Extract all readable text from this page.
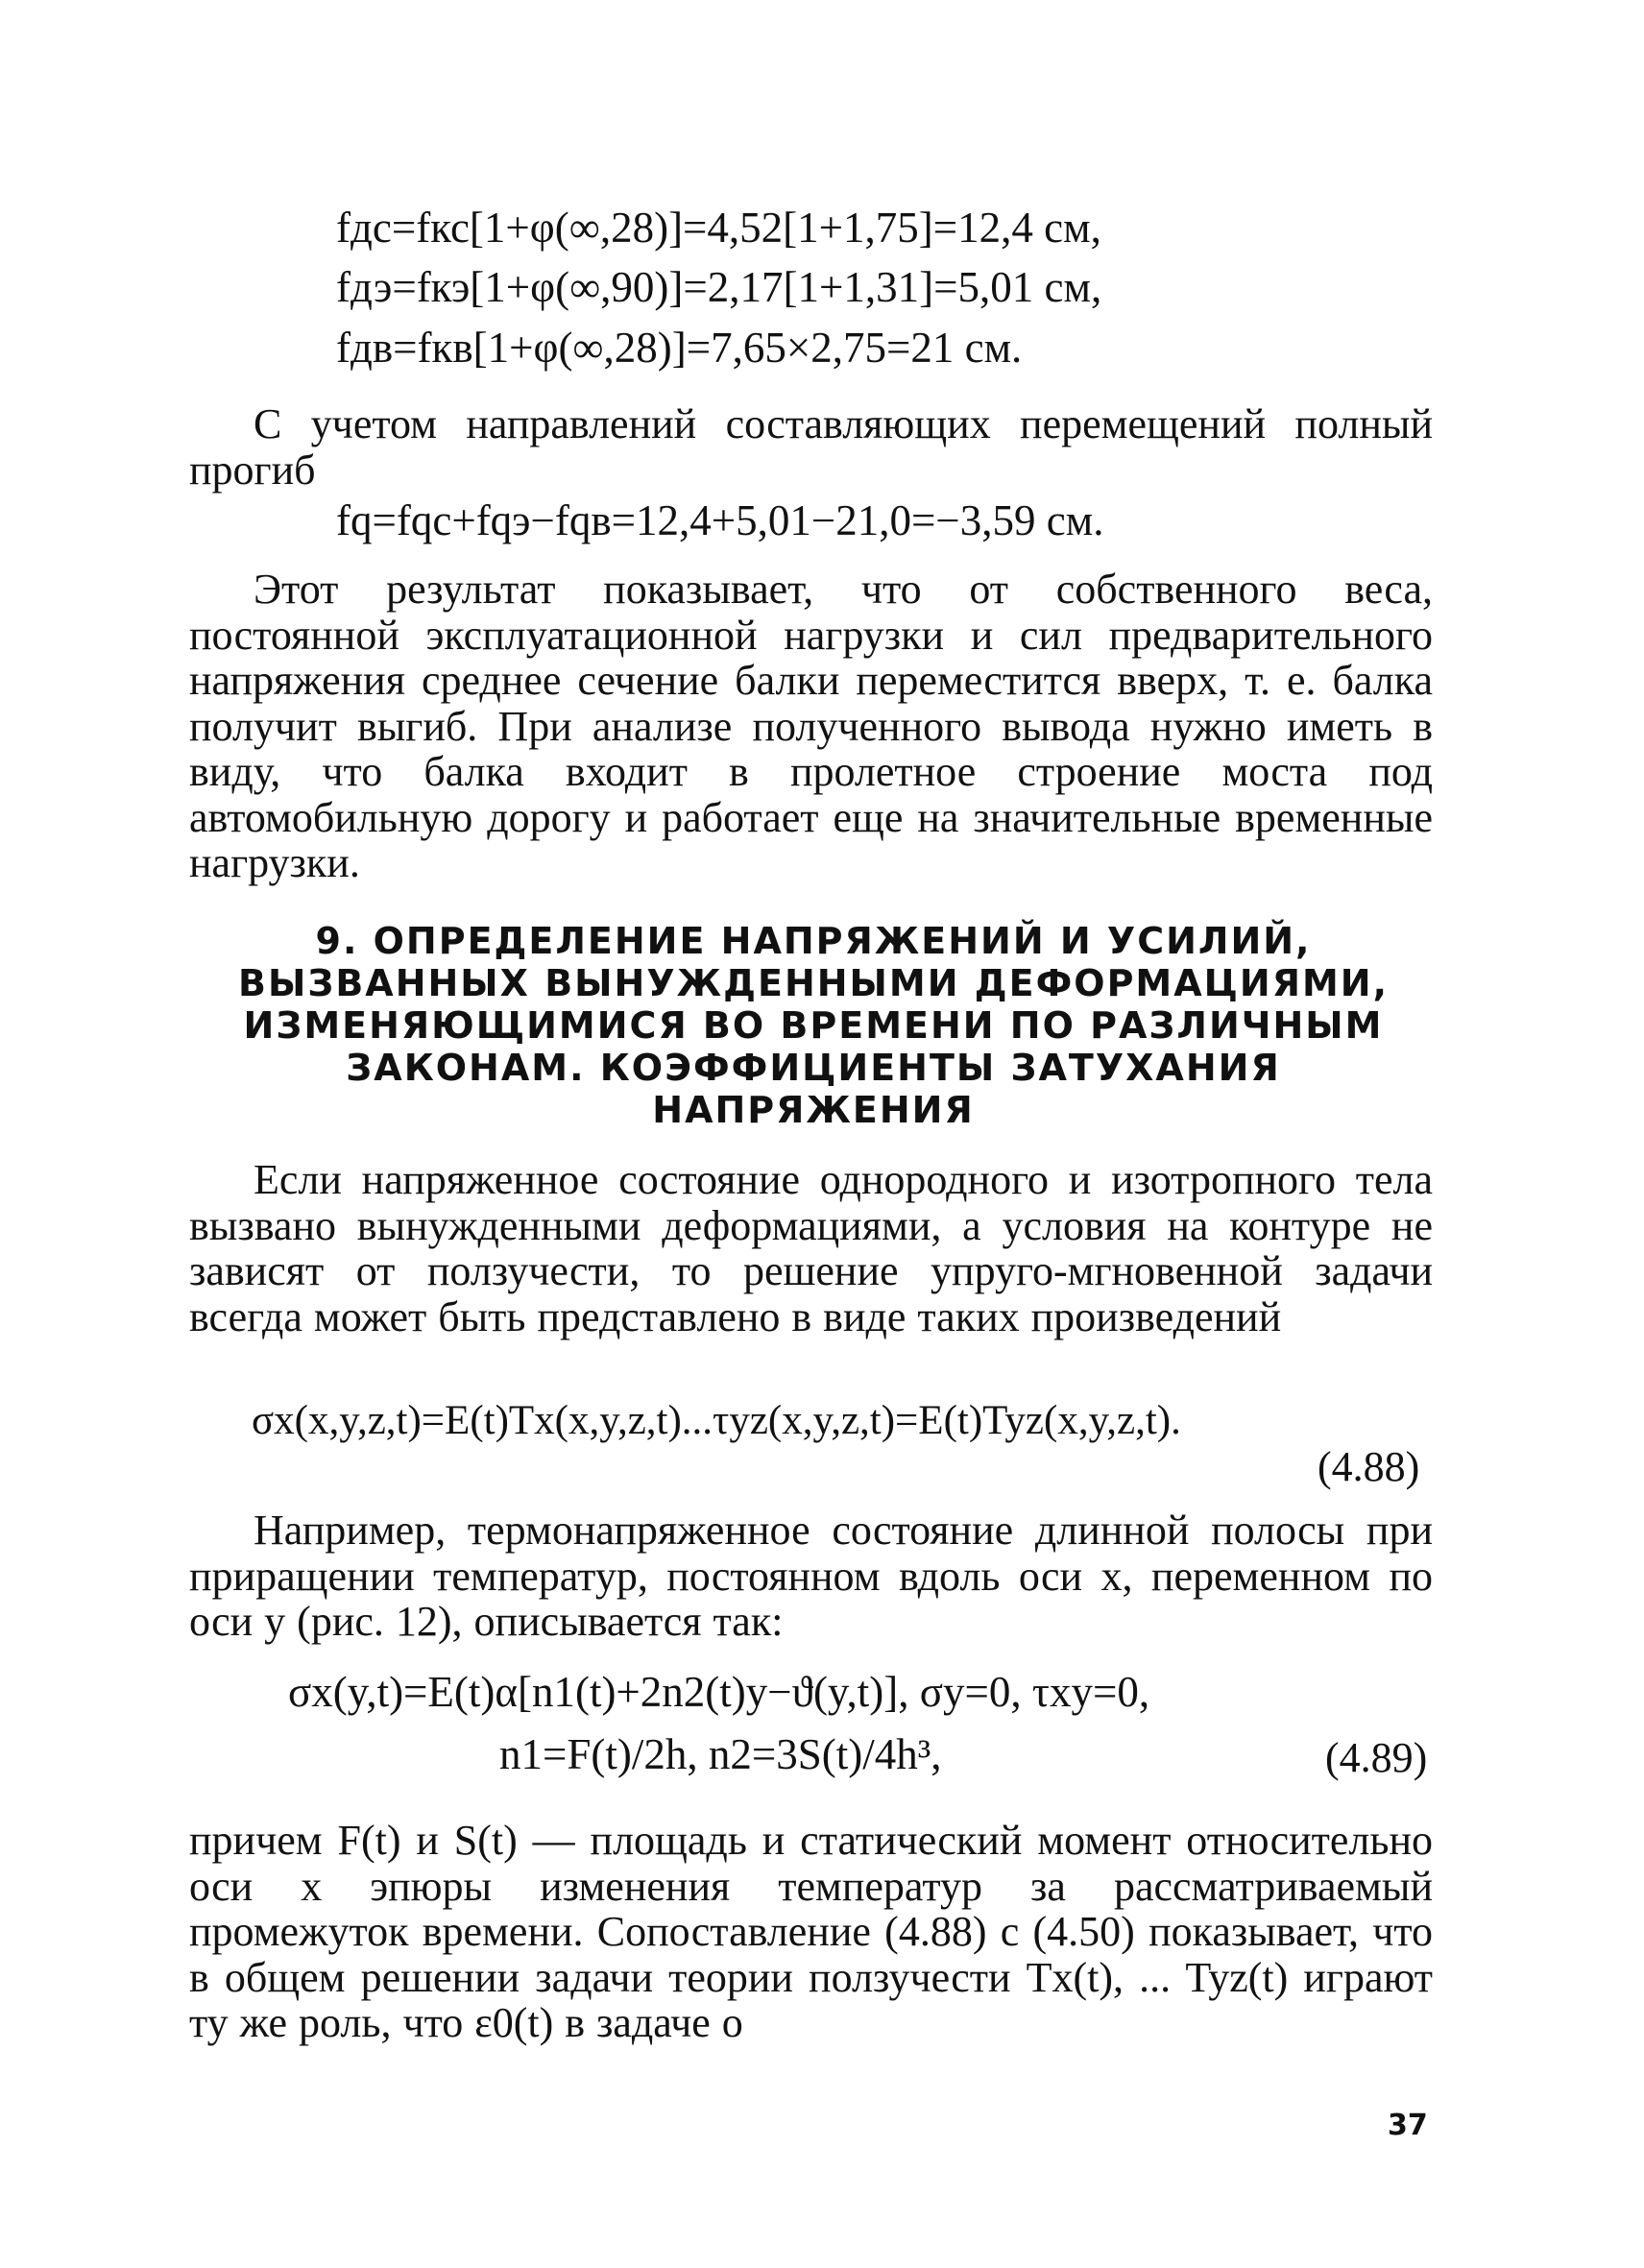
fдс=fкс[1+φ(∞,28)]=4,52[1+1,75]=12,4 см,
fдэ=fкэ[1+φ(∞,90)]=2,17[1+1,31]=5,01 см,
fдв=fкв[1+φ(∞,28)]=7,65×2,75=21 см.
С учетом направлений составляющих перемещений полный прогиб
fq=fqc+fqэ−fqв=12,4+5,01−21,0=−3,59 см.
Этот результат показывает, что от собственного веса, постоянной эксплуатационной нагрузки и сил предварительного напряжения среднее сечение балки переместится вверх, т. е. балка получит выгиб. При анализе полученного вывода нужно иметь в виду, что балка входит в пролетное строение моста под автомобильную дорогу и работает еще на значительные временные нагрузки.
9. ОПРЕДЕЛЕНИЕ НАПРЯЖЕНИЙ И УСИЛИЙ,
ВЫЗВАННЫХ ВЫНУЖДЕННЫМИ ДЕФОРМАЦИЯМИ,
ИЗМЕНЯЮЩИМИСЯ ВО ВРЕМЕНИ ПО РАЗЛИЧНЫМ
ЗАКОНАМ. КОЭФФИЦИЕНТЫ ЗАТУХАНИЯ
НАПРЯЖЕНИЯ
Если напряженное состояние однородного и изотропного тела вызвано вынужденными деформациями, а условия на контуре не зависят от ползучести, то решение упруго-мгновенной задачи всегда может быть представлено в виде таких произведений
σx(x,y,z,t)=E(t)Tx(x,y,z,t)...τyz(x,y,z,t)=E(t)Tyz(x,y,z,t).
(4.88)
Например, термонапряженное состояние длинной полосы при приращении температур, постоянном вдоль оси x, переменном по оси y (рис. 12), описывается так:
σx(y,t)=E(t)α[n1(t)+2n2(t)y−ϑ(y,t)], σy=0, τxy=0,
n1=F(t)/2h, n2=3S(t)/4h³,	(4.89)
причем F(t) и S(t) — площадь и статический момент относительно оси x эпюры изменения температур за рассматриваемый промежуток времени. Сопоставление (4.88) с (4.50) показывает, что в общем решении задачи теории ползучести Tx(t), ... Tyz(t) играют ту же роль, что ε0(t) в задаче о
37
